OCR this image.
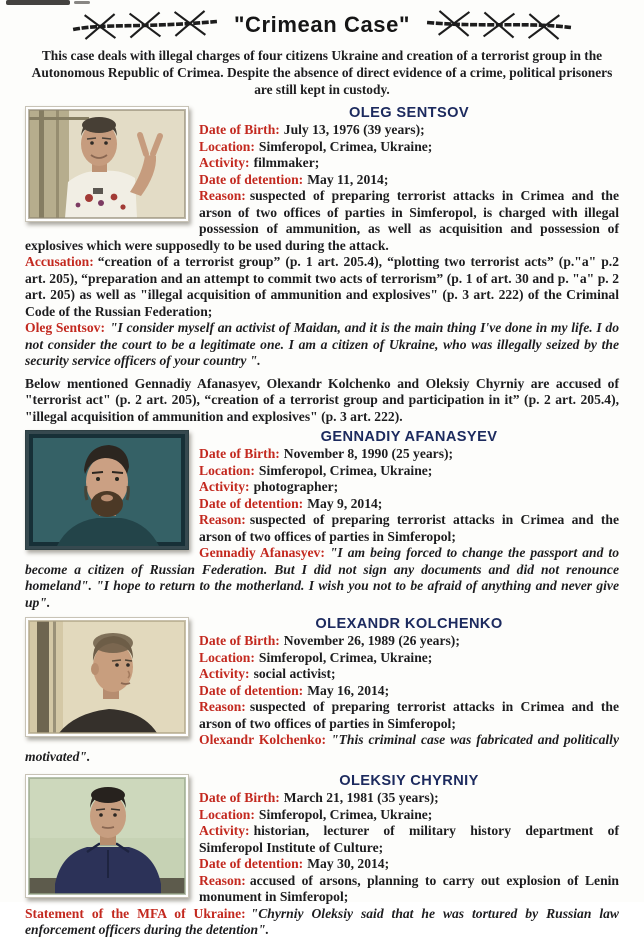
"Crimean Case"

This case deals with illegal charges of four citizens Ukraine and creation of a terrorist group in the Autonomous Republic of Crimea. Despite the absence of direct evidence of a crime, political prisoners are still kept in custody.

OLEG SENTSOV
Date of Birth: July 13, 1976 (39 years);
Location: Simferopol, Crimea, Ukraine;
Activity: filmmaker;
Date of detention: May 11, 2014;
Reason: suspected of preparing terrorist attacks in Crimea and the arson of two offices of parties in Simferopol, is charged with illegal possession of ammunition, as well as acquisition and possession of explosives which were supposedly to be used during the attack.

Accusation: “creation of a terrorist group” (p. 1 art. 205.4), “plotting two terrorist acts” (p."a" p.2 art. 205), “preparation and an attempt to commit two acts of terrorism” (p. 1 of art. 30 and p. "a" p. 2 art. 205) as well as "illegal acquisition of ammunition and explosives" (p. 3 art. 222) of the Criminal Code of the Russian Federation;

Oleg Sentsov: "I consider myself an activist of Maidan, and it is the main thing I've done in my life. I do not consider the court to be a legitimate one. I am a citizen of Ukraine, who was illegally seized by the security service officers of your country ".

Below mentioned Gennadiy Afanasyev, Olexandr Kolchenko and Oleksiy Chyrniy are accused of "terrorist act" (p. 2 art. 205), “creation of a terrorist group and participation in it” (p. 2 art. 205.4), "illegal acquisition of ammunition and explosives" (p. 3 art. 222).

GENNADIY AFANASYEV
Date of Birth: November 8, 1990 (25 years);
Location: Simferopol, Crimea, Ukraine;
Activity: photographer;
Date of detention: May 9, 2014;
Reason: suspected of preparing terrorist attacks in Crimea and the arson of two offices of parties in Simferopol;

Gennadiy Afanasyev: "I am being forced to change the passport and to become a citizen of Russian Federation. But I did not sign any documents and did not renounce homeland". "I hope to return to the motherland. I wish you not to be afraid of anything and never give up".

OLEXANDR KOLCHENKO
Date of Birth: November 26, 1989 (26 years);
Location: Simferopol, Crimea, Ukraine;
Activity: social activist;
Date of detention: May 16, 2014;
Reason: suspected of preparing terrorist attacks in Crimea and the arson of two offices of parties in Simferopol;

Olexandr Kolchenko: "This criminal case was fabricated and politically motivated".

OLEKSIY CHYRNIY
Date of Birth: March 21, 1981 (35 years);
Location: Simferopol, Crimea, Ukraine;
Activity: historian, lecturer of military history department of Simferopol Institute of Culture;
Date of detention: May 30, 2014;
Reason: accused of arsons, planning to carry out explosion of Lenin monument in Simferopol;

Statement of the MFA of Ukraine: "Chyrniy Oleksiy said that he was tortured by Russian law enforcement officers during the detention".
